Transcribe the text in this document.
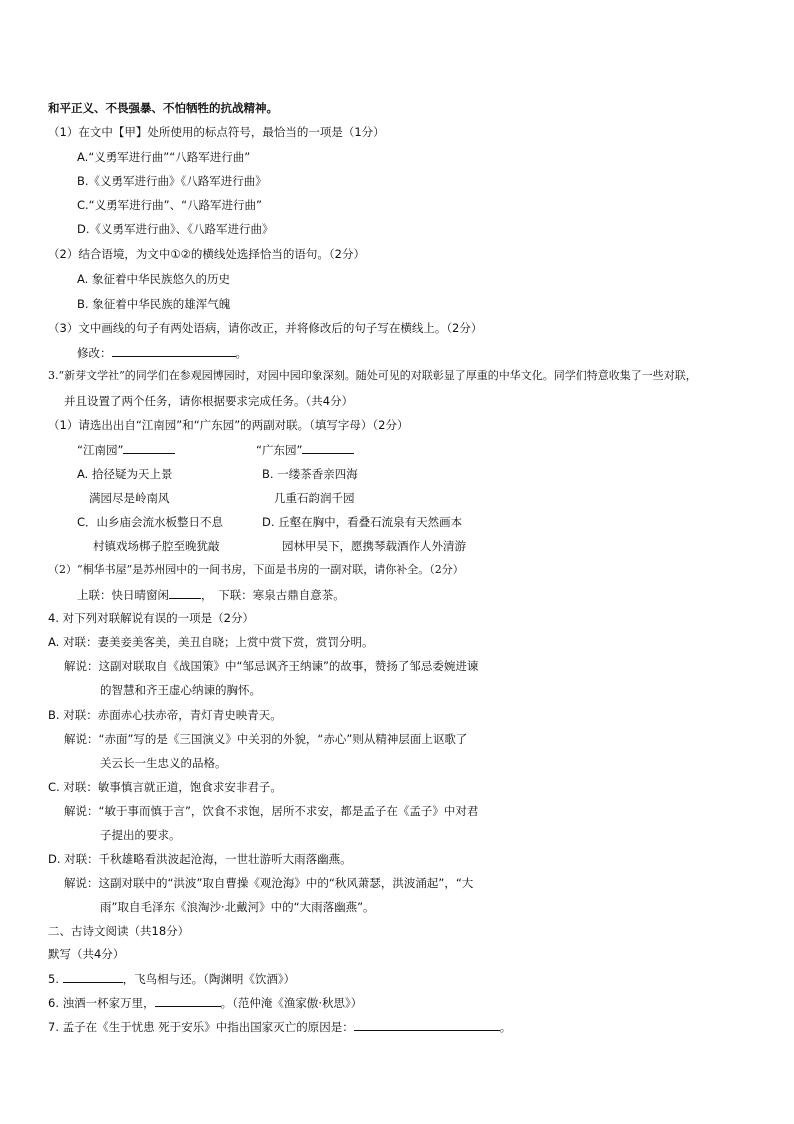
和平正义、不畏强暴、不怕牺牲的抗战精神。
（1）在文中【甲】处所使用的标点符号，最恰当的一项是（1分）
A.“义勇军进行曲”“八路军进行曲”
B.《义勇军进行曲》《八路军进行曲》
C.“义勇军进行曲”、“八路军进行曲”
D.《义勇军进行曲》、《八路军进行曲》
（2）结合语境，为文中①②的横线处选择恰当的语句。（2分）
A. 象征着中华民族悠久的历史
B. 象征着中华民族的雄浑气魄
（3）文中画线的句子有两处语病，请你改正，并将修改后的句子写在横线上。（2分）
修改：	。
3.“新芽文学社”的同学们在参观园博园时，对园中园印象深刻。随处可见的对联彰显了厚重的中华文化。同学们特意收集了一些对联，
并且设置了两个任务，请你根据要求完成任务。（共4分）
（1）请选出出自“江南园”和“广东园”的两副对联。（填写字母）（2分）
“江南园”	“广东园”
A. 拾径疑为天上景	B. 一缕茶香亲四海
满园尽是岭南风	几重石韵润千园
C．山乡庙会流水板整日不息	D. 丘壑在胸中，看叠石流泉有天然画本
村镇戏场梆子腔至晚犹敲	园林甲吴下，愿携琴载酒作人外清游
（2）“桐华书屋”是苏州园中的一间书房，下面是书房的一副对联，请你补全。（2分）
上联：快日晴窗闲	，　下联：寒泉古鼎自意茶。
4. 对下列对联解说有误的一项是（2分）
A. 对联：妻美妾美客美，美丑自晓；上赏中赏下赏，赏罚分明。
解说：这副对联取自《战国策》中“邹忌讽齐王纳谏”的故事，赞扬了邹忌委婉进谏
的智慧和齐王虚心纳谏的胸怀。
B. 对联：赤面赤心扶赤帝，青灯青史映青天。
解说：“赤面”写的是《三国演义》中关羽的外貌，“赤心”则从精神层面上讴歌了
关云长一生忠义的品格。
C. 对联：敏事慎言就正道，饱食求安非君子。
解说：“敏于事而慎于言”，饮食不求饱，居所不求安，都是孟子在《孟子》中对君
子提出的要求。
D. 对联：千秋雄略看洪波起沧海，一世壮游听大雨落幽燕。
解说：这副对联中的“洪波”取自曹操《观沧海》中的“秋风萧瑟，洪波涌起”，“大
雨”取自毛泽东《浪淘沙·北戴河》中的“大雨落幽燕”。
二、古诗文阅读（共18分）
默写（共4分）
5.	，飞鸟相与还。（陶渊明《饮酒》）
6. 浊酒一杯家万里，	。（范仲淹《渔家傲·秋思》）
7. 孟子在《生于忧患 死于安乐》中指出国家灭亡的原因是：	。
